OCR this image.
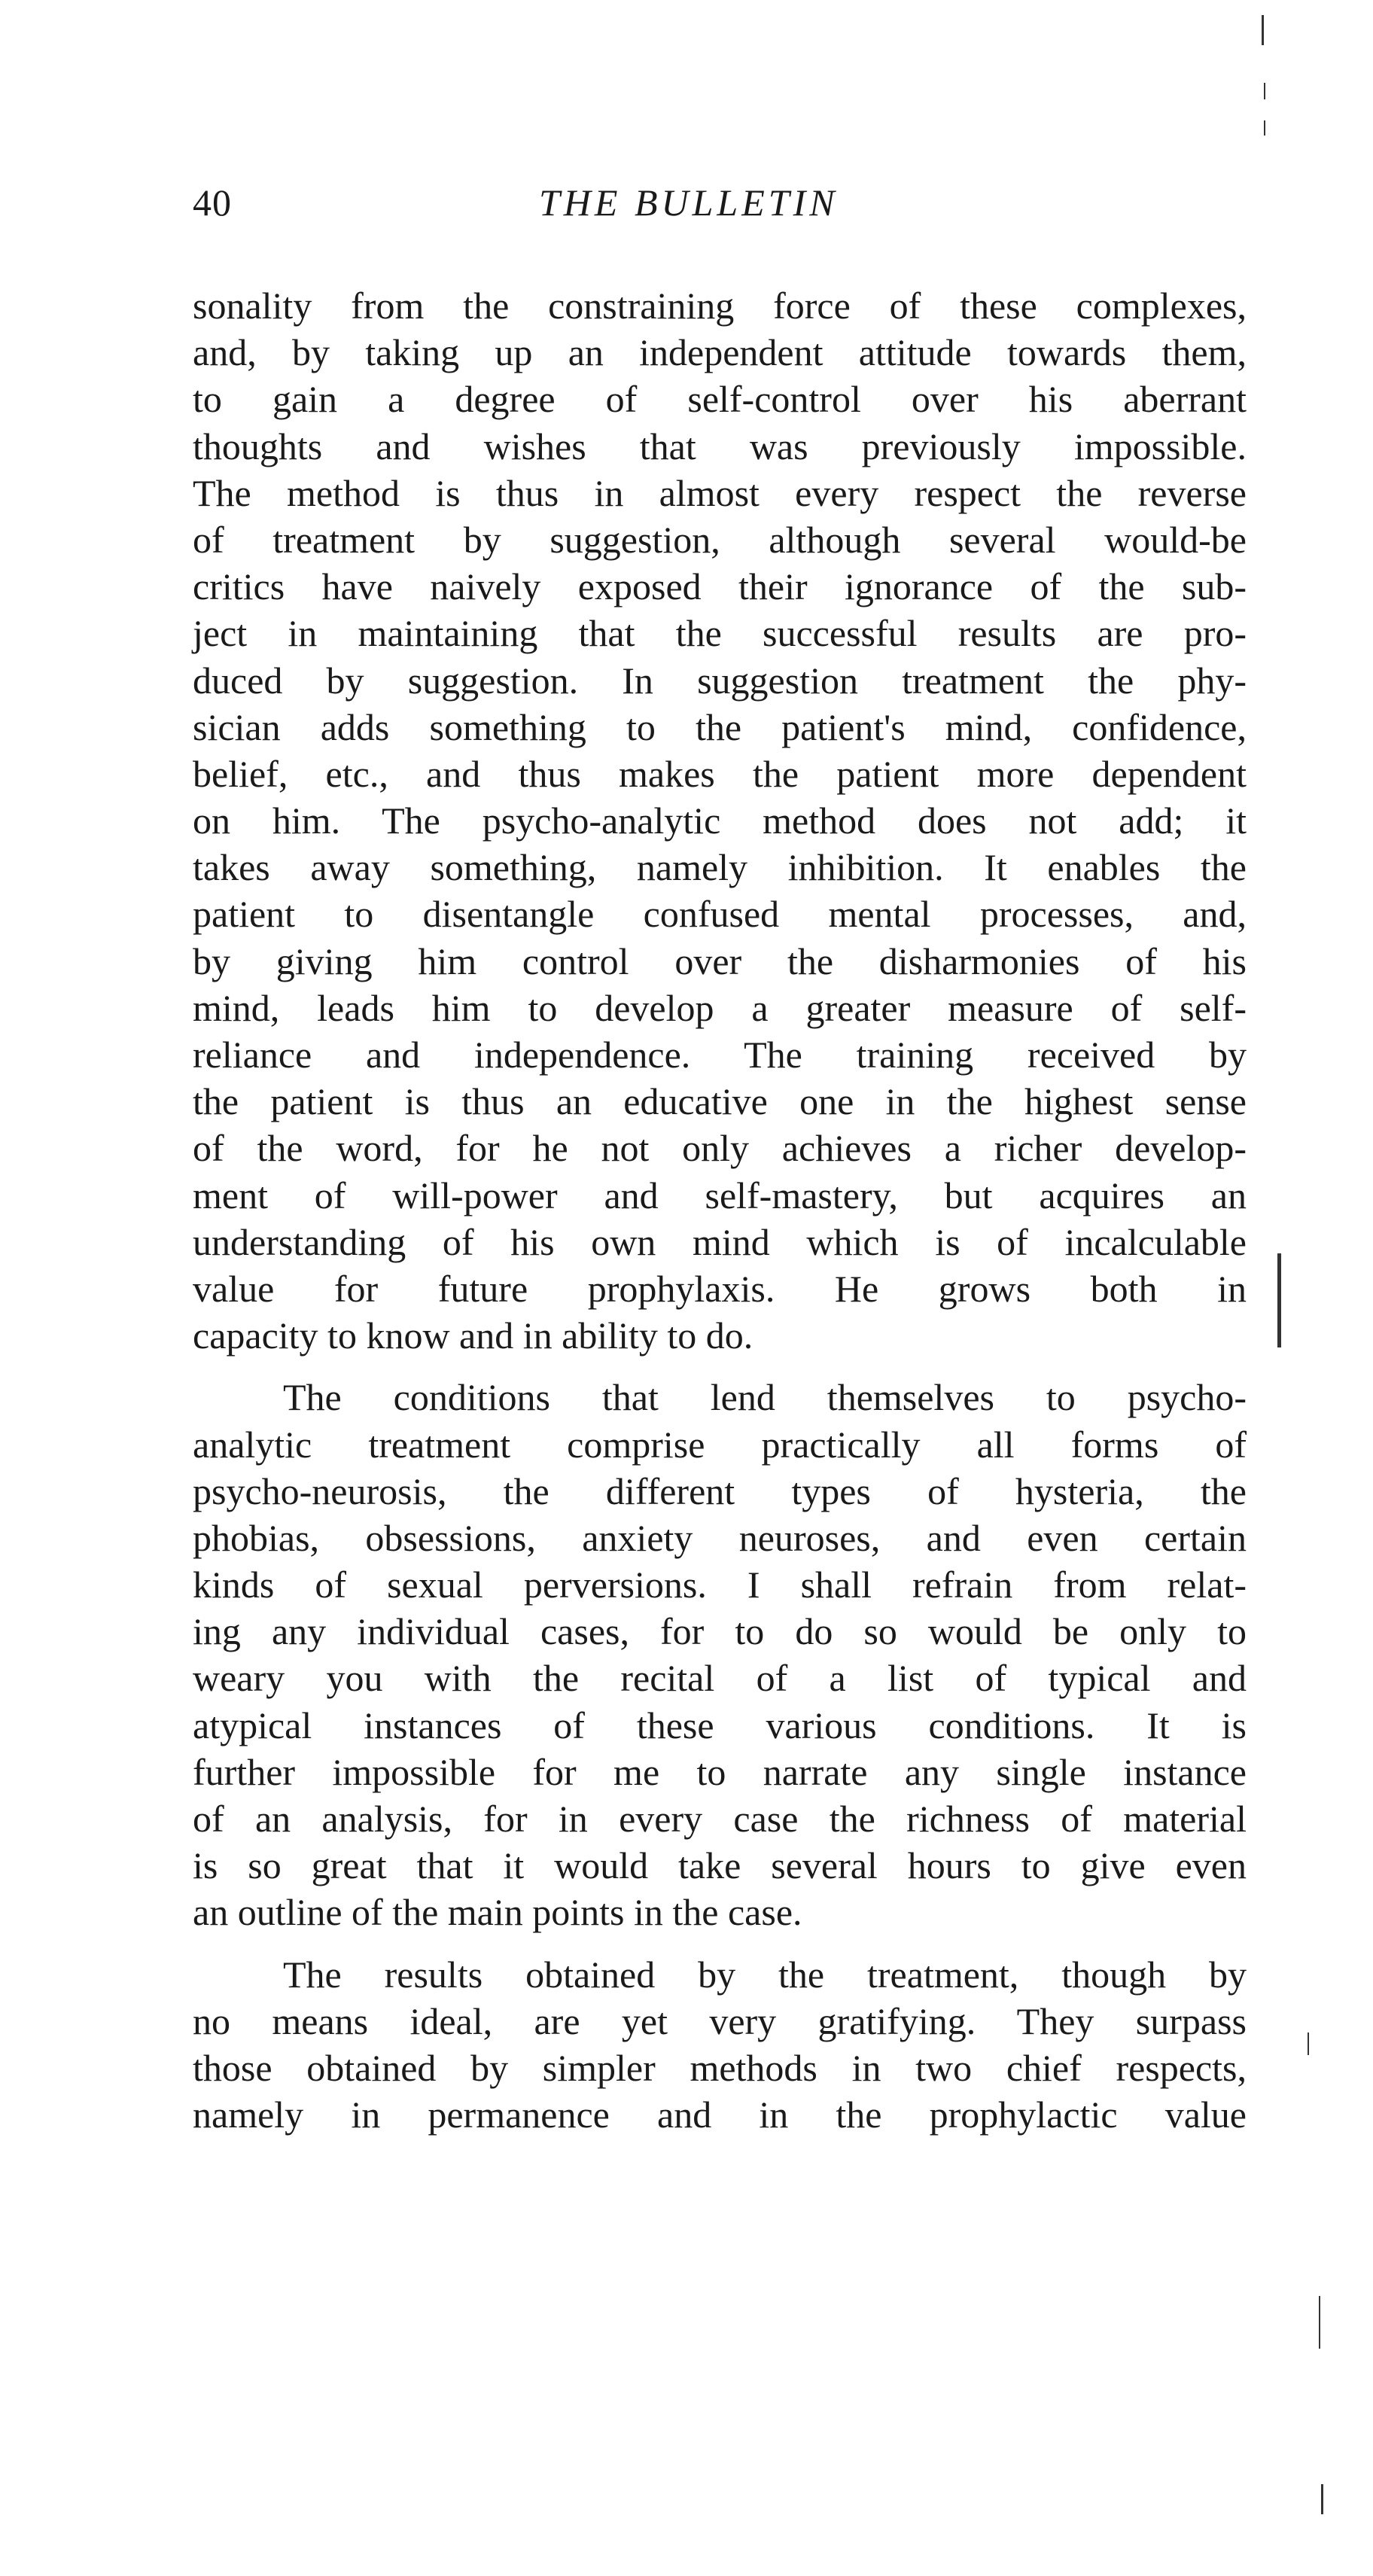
40	THE BULLETIN
sonality from the constraining force of these complexes,
and, by taking up an independent attitude towards them,
to gain a degree of self-control over his aberrant
thoughts and wishes that was previously impossible.
The method is thus in almost every respect the reverse
of treatment by suggestion, although several would-be
critics have naively exposed their ignorance of the sub-
ject in maintaining that the successful results are pro-
duced by suggestion. In suggestion treatment the phy-
sician adds something to the patient's mind, confidence,
belief, etc., and thus makes the patient more dependent
on him. The psycho-analytic method does not add; it
takes away something, namely inhibition. It enables the
patient to disentangle confused mental processes, and,
by giving him control over the disharmonies of his
mind, leads him to develop a greater measure of self-
reliance and independence. The training received by
the patient is thus an educative one in the highest sense
of the word, for he not only achieves a richer develop-
ment of will-power and self-mastery, but acquires an
understanding of his own mind which is of incalculable
value for future prophylaxis. He grows both in
capacity to know and in ability to do.
The conditions that lend themselves to psycho-
analytic treatment comprise practically all forms of
psycho-neurosis, the different types of hysteria, the
phobias, obsessions, anxiety neuroses, and even certain
kinds of sexual perversions. I shall refrain from relat-
ing any individual cases, for to do so would be only to
weary you with the recital of a list of typical and
atypical instances of these various conditions. It is
further impossible for me to narrate any single instance
of an analysis, for in every case the richness of material
is so great that it would take several hours to give even
an outline of the main points in the case.
The results obtained by the treatment, though by
no means ideal, are yet very gratifying. They surpass
those obtained by simpler methods in two chief respects,
namely in permanence and in the prophylactic value
